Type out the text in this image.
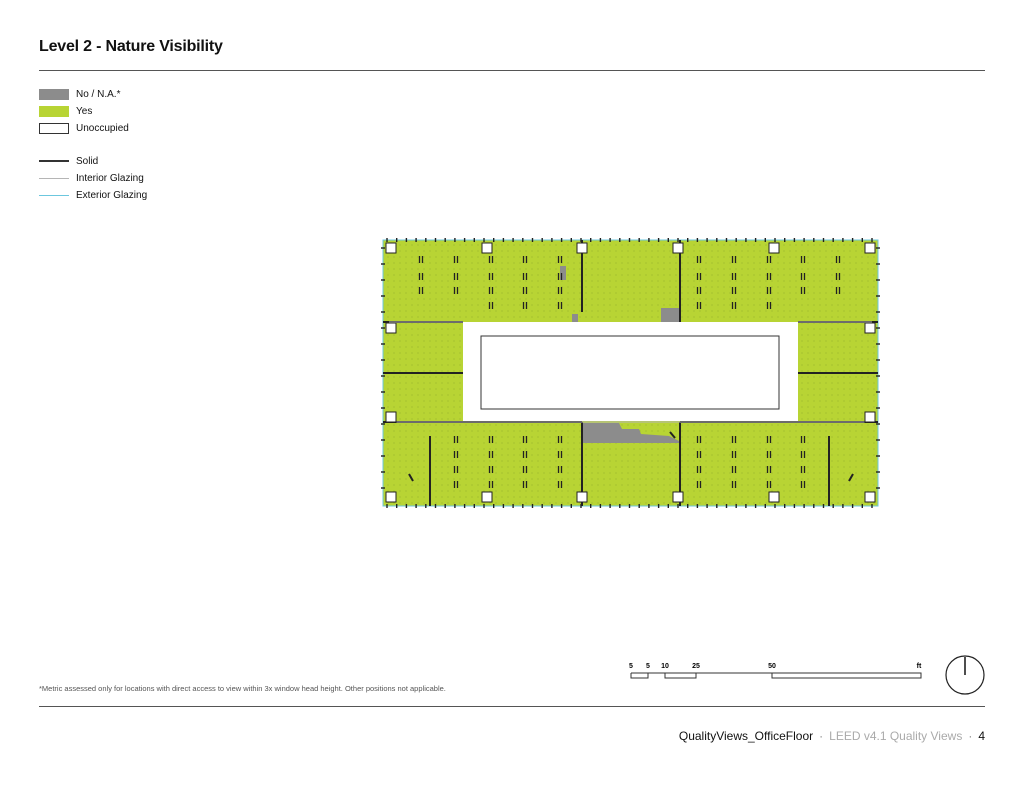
Level 2 - Nature Visibility
No / N.A.*
Yes
Unoccupied
Solid
Interior Glazing
Exterior Glazing
*Metric assessed only for locations with direct access to view within 3x window head height. Other positions not applicable.
5 5 10	25	50	ft
QualityViews_OfficeFloor · LEED v4.1 Quality Views · 4
